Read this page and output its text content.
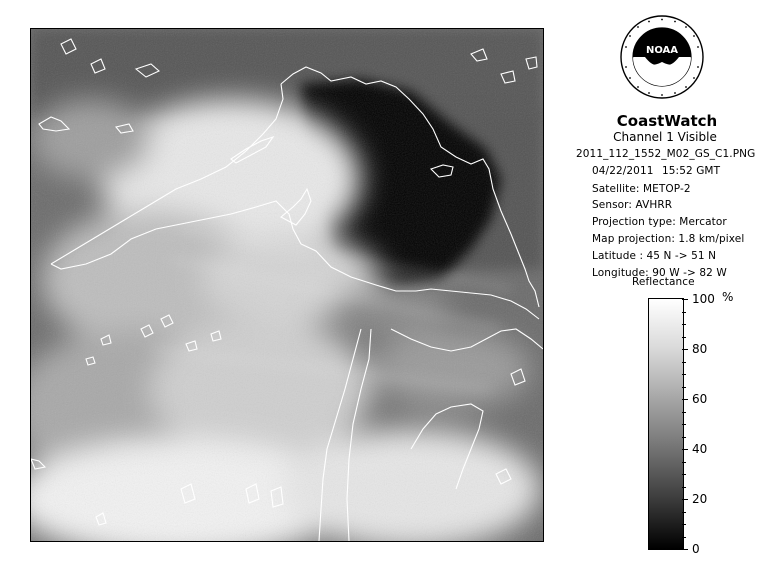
NOAA
CoastWatch
Channel 1 Visible
2011_112_1552_M02_GS_C1.PNG
04/22/2011 15:52 GMT
Satellite: METOP-2
Sensor: AVHRR
Projection type: Mercator
Map projection: 1.8 km/pixel
Latitude : 45 N -> 51 N
Longitude: 90 W -> 82 W
Reflectance
%
100
80
60
40
20
0
